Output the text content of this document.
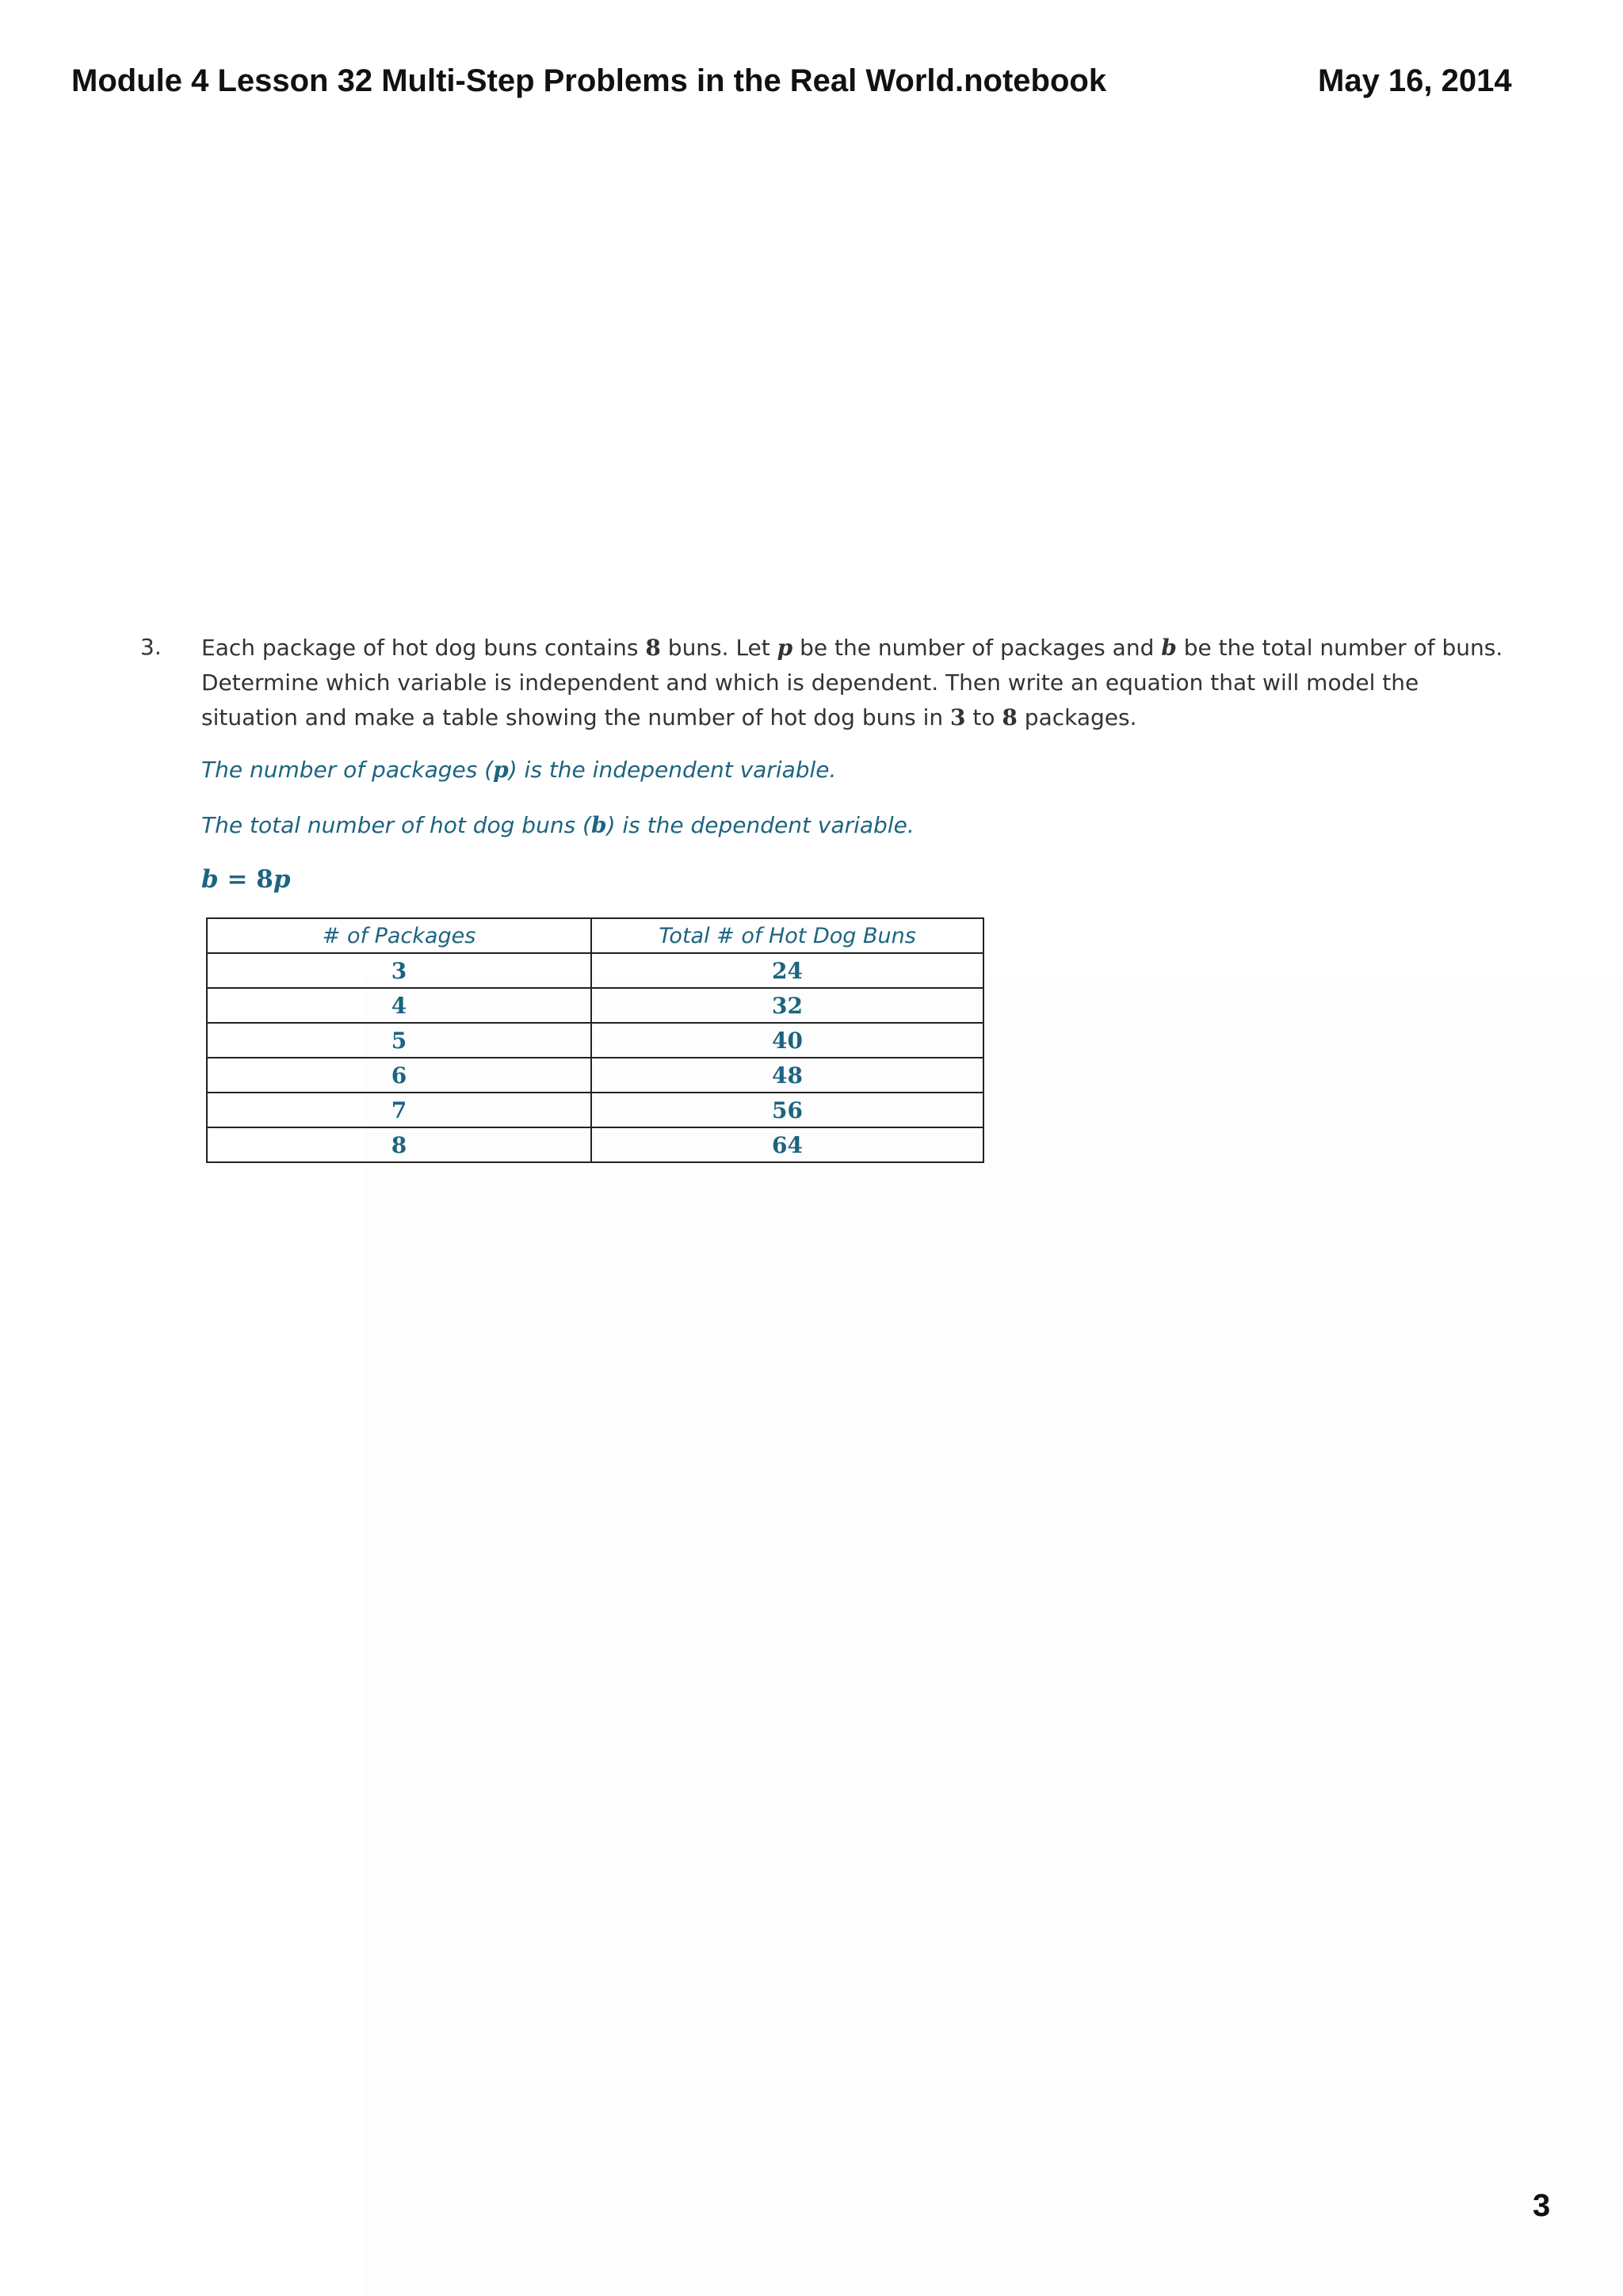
Module 4 Lesson 32 Multi-Step Problems in the Real World.notebook	May 16, 2014
3. Each package of hot dog buns contains 8 buns. Let p be the number of packages and b be the total number of buns.
Determine which variable is independent and which is dependent. Then write an equation that will model the
situation and make a table showing the number of hot dog buns in 3 to 8 packages.
The number of packages (p) is the independent variable.
The total number of hot dog buns (b) is the dependent variable.
b = 8p
# of Packages	Total # of Hot Dog Buns
3	24
4	32
5	40
6	48
7	56
8	64
3
